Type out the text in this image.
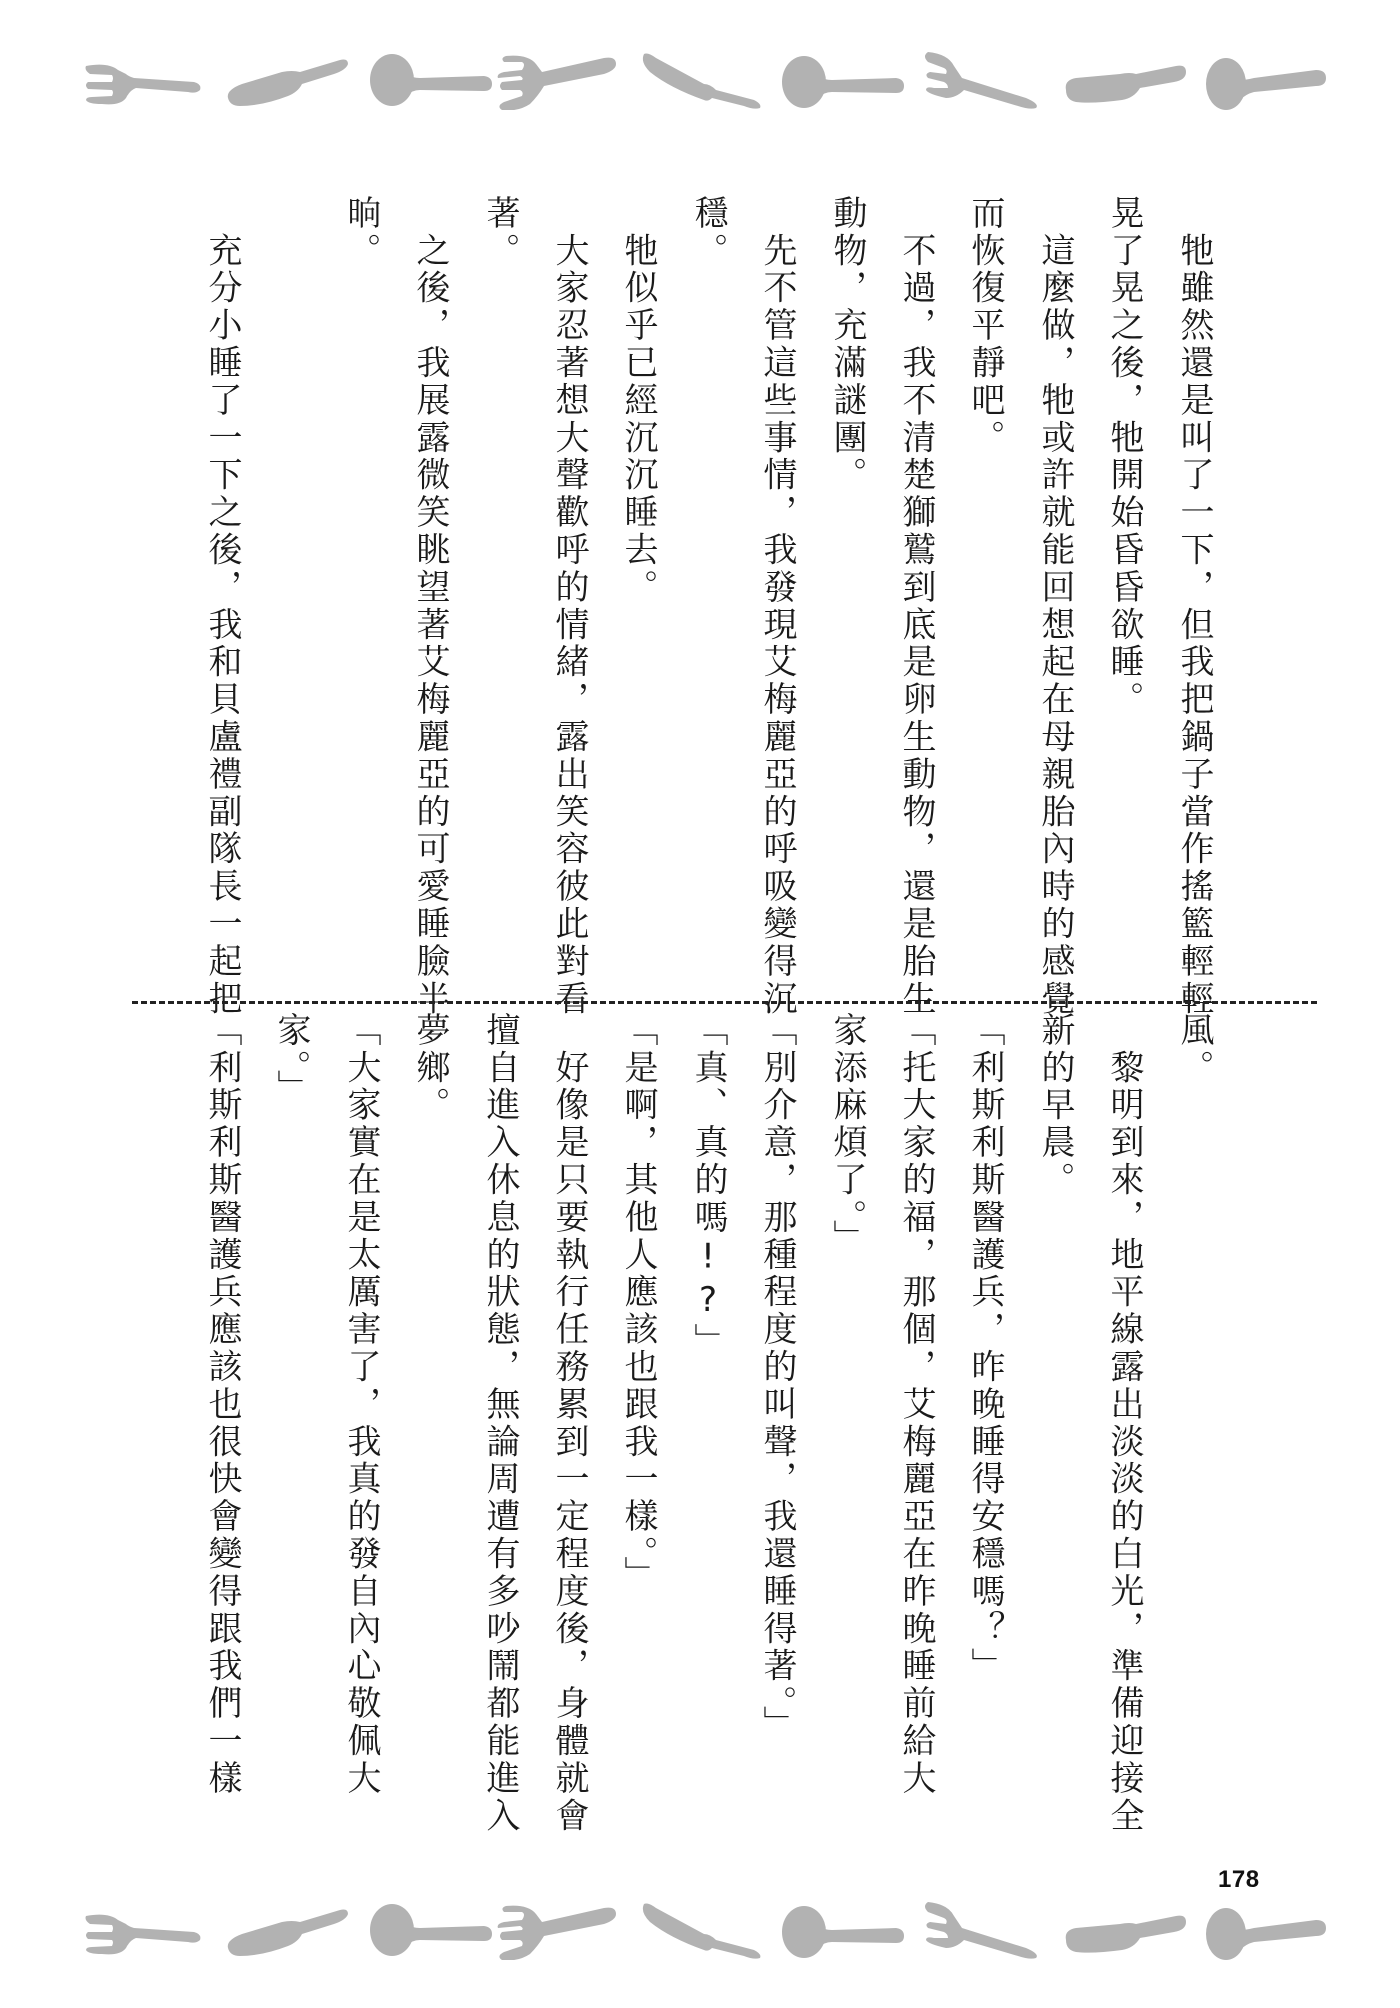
　牠雖然還是叫了一下，但我把鍋子當作搖籃輕輕
晃了晃之後，牠開始昏昏欲睡。
　這麼做，牠或許就能回想起在母親胎內時的感覺
而恢復平靜吧。
　不過，我不清楚獅鷲到底是卵生動物，還是胎生
動物，充滿謎團。
　先不管這些事情，我發現艾梅麗亞的呼吸變得沉
穩。
　牠似乎已經沉沉睡去。
　大家忍著想大聲歡呼的情緒，露出笑容彼此對看
著。
　之後，我展露微笑眺望著艾梅麗亞的可愛睡臉半
晌。
　充分小睡了一下之後，我和貝盧禮副隊長一起把
風。
　黎明到來，地平線露出淡淡的白光，準備迎接全
新的早晨。
「利斯利斯醫護兵，昨晚睡得安穩嗎？」
「托大家的福，那個，艾梅麗亞在昨晚睡前給大
家添麻煩了。」
「別介意，那種程度的叫聲，我還睡得著。」
「真、真的嗎!?」
「是啊，其他人應該也跟我一樣。」
　好像是只要執行任務累到一定程度後，身體就會
擅自進入休息的狀態，無論周遭有多吵鬧都能進入
夢鄉。
「大家實在是太厲害了，我真的發自內心敬佩大
家。」
「利斯利斯醫護兵應該也很快會變得跟我們一樣
178
